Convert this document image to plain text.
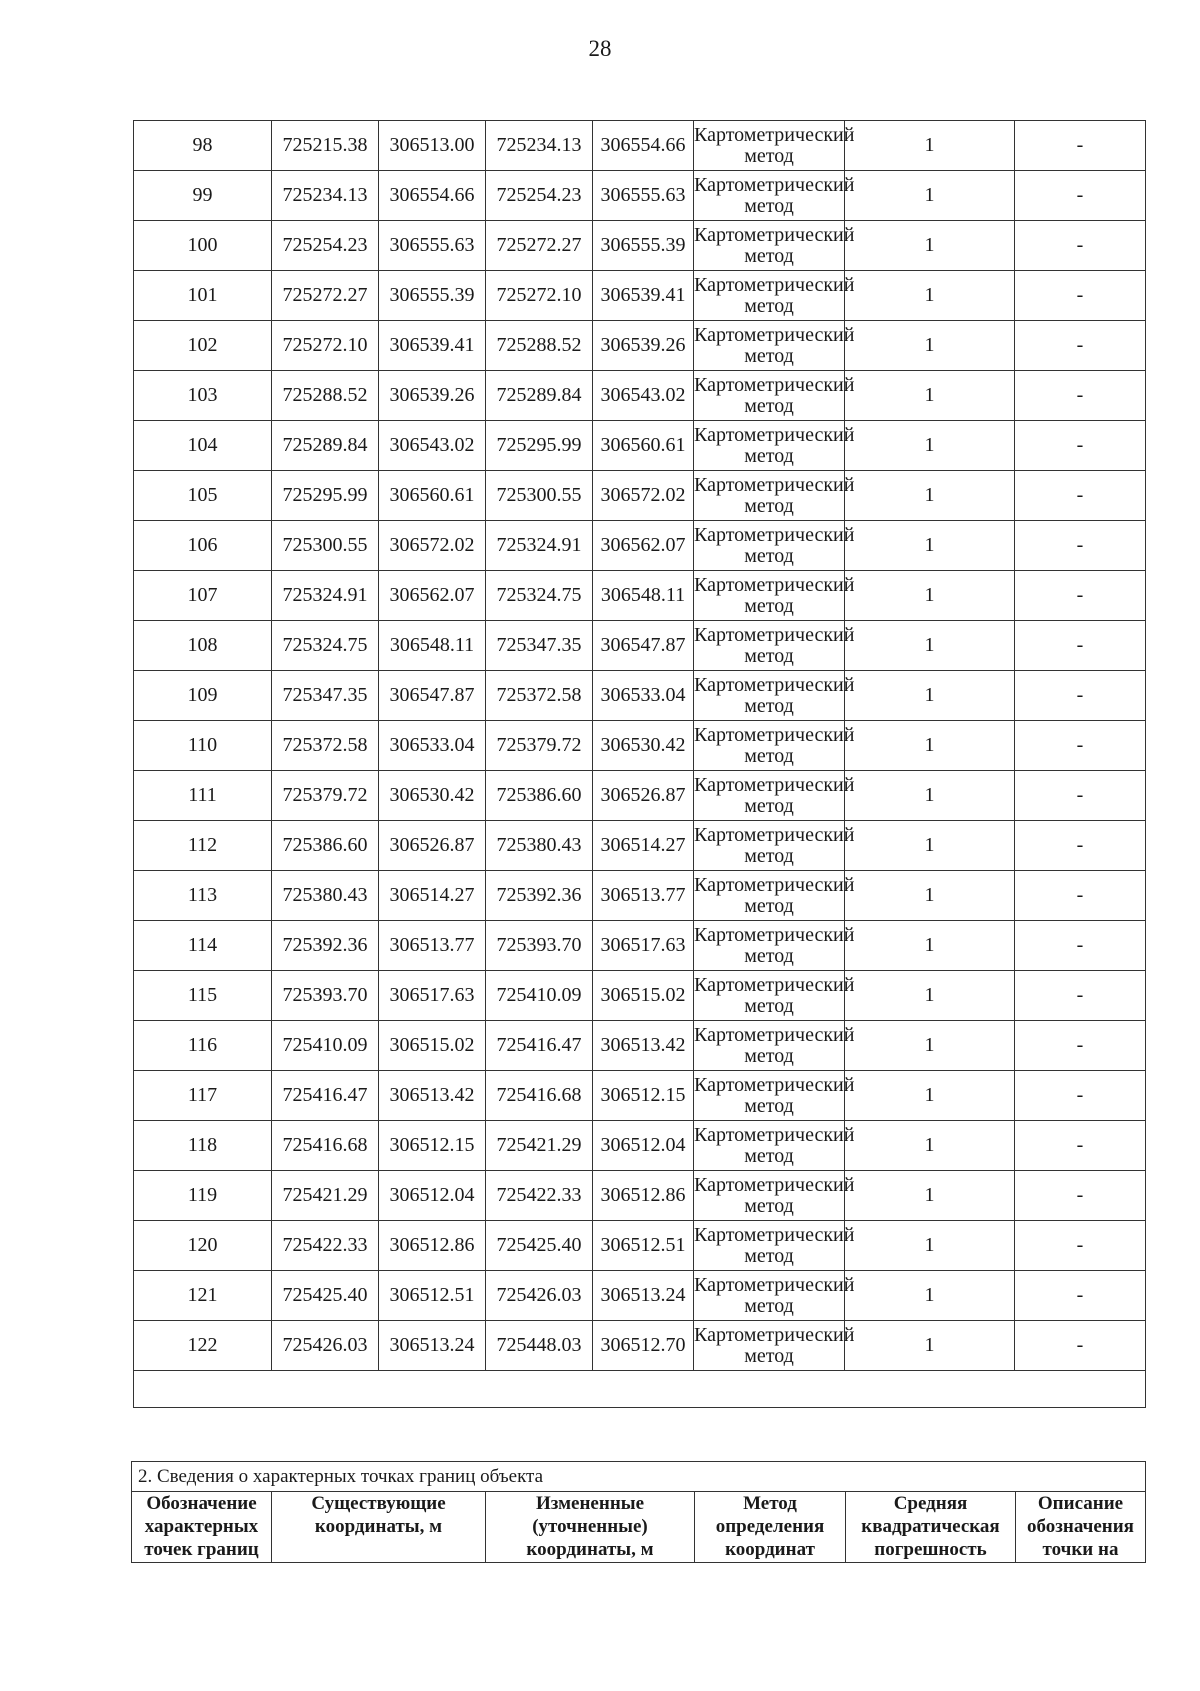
28
98	725215.38	306513.00	725234.13	306554.66	Картометрический метод	1	-
99	725234.13	306554.66	725254.23	306555.63	Картометрический метод	1	-
100	725254.23	306555.63	725272.27	306555.39	Картометрический метод	1	-
101	725272.27	306555.39	725272.10	306539.41	Картометрический метод	1	-
102	725272.10	306539.41	725288.52	306539.26	Картометрический метод	1	-
103	725288.52	306539.26	725289.84	306543.02	Картометрический метод	1	-
104	725289.84	306543.02	725295.99	306560.61	Картометрический метод	1	-
105	725295.99	306560.61	725300.55	306572.02	Картометрический метод	1	-
106	725300.55	306572.02	725324.91	306562.07	Картометрический метод	1	-
107	725324.91	306562.07	725324.75	306548.11	Картометрический метод	1	-
108	725324.75	306548.11	725347.35	306547.87	Картометрический метод	1	-
109	725347.35	306547.87	725372.58	306533.04	Картометрический метод	1	-
110	725372.58	306533.04	725379.72	306530.42	Картометрический метод	1	-
111	725379.72	306530.42	725386.60	306526.87	Картометрический метод	1	-
112	725386.60	306526.87	725380.43	306514.27	Картометрический метод	1	-
113	725380.43	306514.27	725392.36	306513.77	Картометрический метод	1	-
114	725392.36	306513.77	725393.70	306517.63	Картометрический метод	1	-
115	725393.70	306517.63	725410.09	306515.02	Картометрический метод	1	-
116	725410.09	306515.02	725416.47	306513.42	Картометрический метод	1	-
117	725416.47	306513.42	725416.68	306512.15	Картометрический метод	1	-
118	725416.68	306512.15	725421.29	306512.04	Картометрический метод	1	-
119	725421.29	306512.04	725422.33	306512.86	Картометрический метод	1	-
120	725422.33	306512.86	725425.40	306512.51	Картометрический метод	1	-
121	725425.40	306512.51	725426.03	306513.24	Картометрический метод	1	-
122	725426.03	306513.24	725448.03	306512.70	Картометрический метод	1	-

2. Сведения о характерных точках границ объекта
Обозначение характерных точек границ	Существующие координаты, м	Измененные (уточненные) координаты, м	Метод определения координат	Средняя квадратическая погрешность	Описание обозначения точки на
